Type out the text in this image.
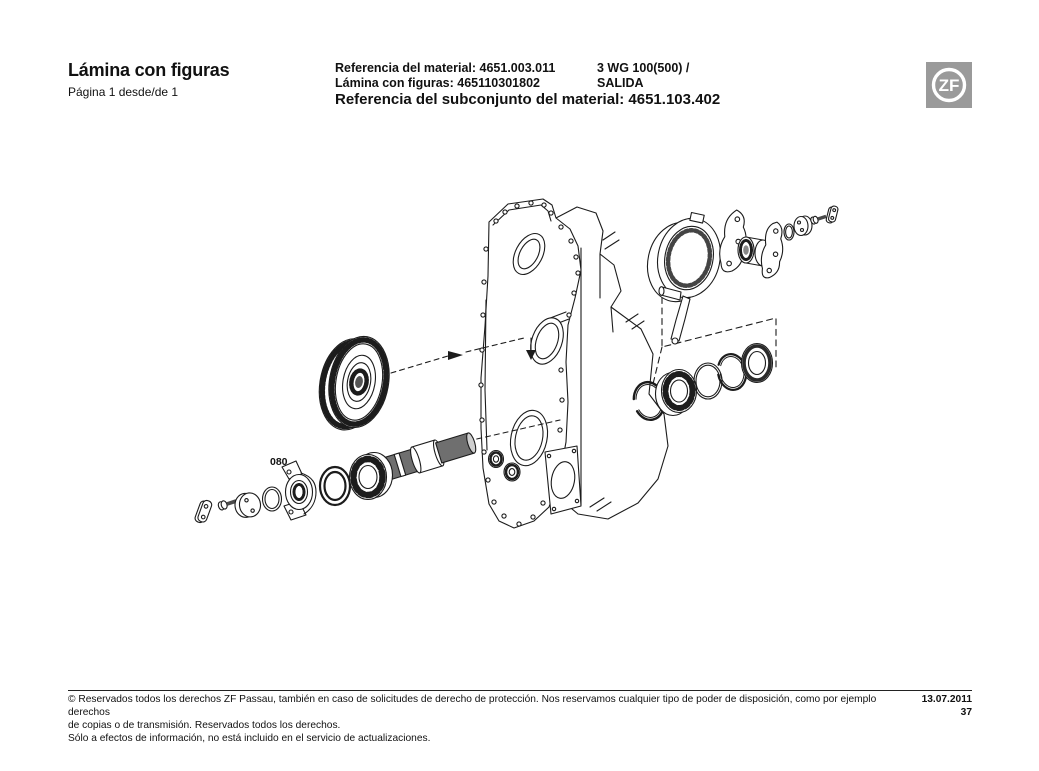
Lámina con figuras
Página 1 desde/de 1
Referencia del material: 4651.003.011
Lámina con figuras: 465110301802
Referencia del subconjunto del material: 4651.103.402
3 WG 100(500) /
SALIDA	ZF
080
© Reservados todos los derechos ZF Passau, también en caso de solicitudes de derecho de protección. Nos reservamos cualquier tipo de poder de disposición, como por ejemplo derechos
de copias o de transmisión. Reservados todos los derechos.
Sólo a efectos de información, no está incluido en el servicio de actualizaciones.
13.07.2011
37
